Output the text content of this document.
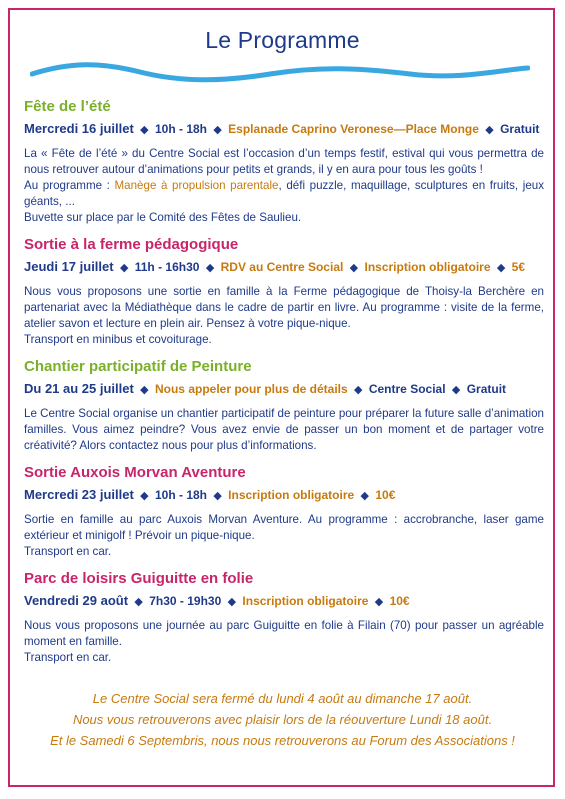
Le Programme
Fête de l’été
Mercredi 16 juillet ◆ 10h - 18h ◆ Esplanade Caprino Veronese—Place Monge ◆ Gratuit

La « Fête de l’été » du Centre Social est l’occasion d’un temps festif, estival qui vous permettra de nous retrouver autour d’animations pour petits et grands, il y en aura pour tous les goûts !

Au programme : Manège à propulsion parentale, défi puzzle, maquillage, sculptures en fruits, jeux géants, ...

Buvette sur place par le Comité des Fêtes de Saulieu.

Sortie à la ferme pédagogique
Jeudi 17 juillet ◆ 11h - 16h30 ◆ RDV au Centre Social ◆ Inscription obligatoire ◆ 5€

Nous vous proposons une sortie en famille à la Ferme pédagogique de Thoisy-la Berchère en partenariat avec la Médiathèque dans le cadre de partir en livre. Au programme : visite de la ferme, atelier savon et lecture en plein air. Pensez à votre pique-nique.

Transport en minibus et covoiturage.

Chantier participatif de Peinture
Du 21 au 25 juillet ◆ Nous appeler pour plus de détails ◆ Centre Social ◆ Gratuit

Le Centre Social organise un chantier participatif de peinture pour préparer la future salle d’animation familles. Vous aimez peindre? Vous avez envie de passer un bon moment et de partager votre créativité? Alors contactez nous pour plus d’informations.

Sortie Auxois Morvan Aventure
Mercredi 23 juillet ◆ 10h - 18h ◆ Inscription obligatoire ◆ 10€

Sortie en famille au parc Auxois Morvan Aventure. Au programme : accrobranche, laser game extérieur et minigolf ! Prévoir un pique-nique.

Transport en car.

Parc de loisirs Guiguitte en folie
Vendredi 29 août ◆ 7h30 - 19h30 ◆ Inscription obligatoire ◆ 10€

Nous vous proposons une journée au parc Guiguitte en folie à Filain (70) pour passer un agréable moment en famille.

Transport en car.

Le Centre Social sera fermé du lundi 4 août au dimanche 17 août.
Nous vous retrouverons avec plaisir lors de la réouverture Lundi 18 août.
Et le Samedi 6 Septembris, nous nous retrouverons au Forum des Associations !
